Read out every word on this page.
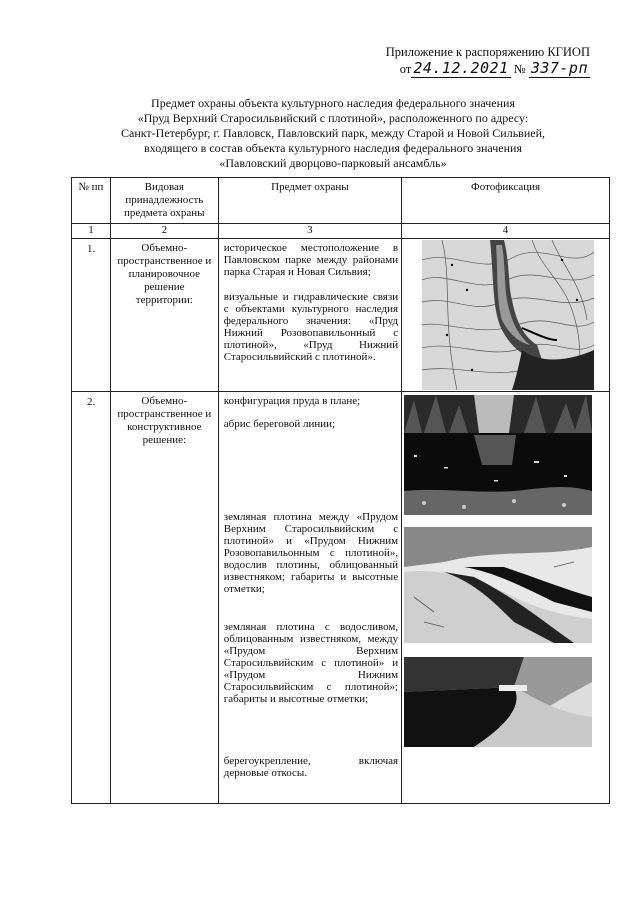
Приложение к распоряжению КГИОП
от 24.12.2021 № 337-рп
Предмет охраны объекта культурного наследия федерального значения
«Пруд Верхний Старосильвийский с плотиной», расположенного по адресу:
Санкт-Петербург, г. Павловск, Павловский парк, между Старой и Новой Сильвией,
входящего в состав объекта культурного наследия федерального значения
«Павловский дворцово-парковый ансамбль»
№ пп	Видовая принадлежность предмета охраны	Предмет охраны	Фотофиксация
1	2	3	4
1.	Объемно-пространственное и планировочное решение территории:	историческое местоположение в Павловском парке между районами парка Старая и Новая Сильвия;
визуальные и гидравлические связи с объектами культурного наследия федерального значения: «Пруд Нижний Розовопавильонный с плотиной», «Пруд Нижний Старосильвийский с плотиной».

2.	Объемно-пространственное и конструктивное решение:	конфигурация пруда в плане;
абрис береговой линии;
земляная плотина между «Прудом Верхним Старосильвийским с плотиной» и «Прудом Нижним Розовопавильонным с плотиной», водослив плотины, облицованный известняком; габариты и высотные отметки;
земляная плотина с водосливом, облицованным известняком, между «Прудом Верхним Старосильвийским с плотиной» и «Прудом Нижним Старосильвийским с плотиной»; габариты и высотные отметки;
берегоукрепление, включая дерновые откосы.
